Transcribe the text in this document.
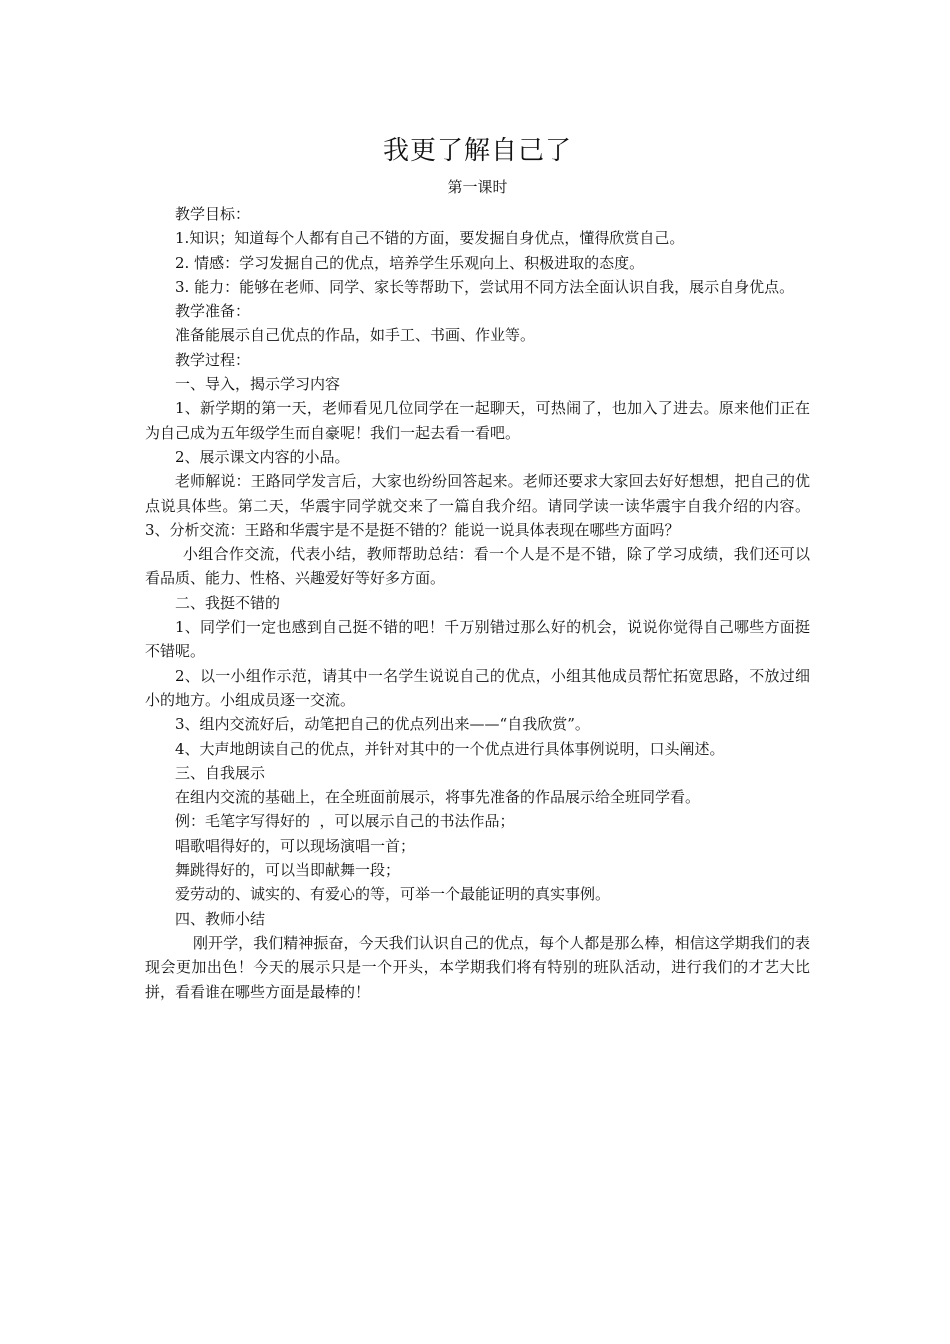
我更了解自己了

第一课时

教学目标：

1.知识；知道每个人都有自己不错的方面，要发掘自身优点，懂得欣赏自己。

2. 情感：学习发掘自己的优点，培养学生乐观向上、积极进取的态度。

3. 能力：能够在老师、同学、家长等帮助下，尝试用不同方法全面认识自我，展示自身优点。

教学准备：

准备能展示自己优点的作品，如手工、书画、作业等。

教学过程：

一、导入，揭示学习内容

1、新学期的第一天，老师看见几位同学在一起聊天，可热闹了，也加入了进去。原来他们正在为自己成为五年级学生而自豪呢！我们一起去看一看吧。

2、展示课文内容的小品。

老师解说：王路同学发言后，大家也纷纷回答起来。老师还要求大家回去好好想想，把自己的优点说具体些。第二天，华震宇同学就交来了一篇自我介绍。请同学读一读华震宇自我介绍的内容。        3、分析交流：王路和华震宇是不是挺不错的？能说一说具体表现在哪些方面吗？

小组合作交流，代表小结，教师帮助总结：看一个人是不是不错，除了学习成绩，我们还可以看品质、能力、性格、兴趣爱好等好多方面。

二、我挺不错的

1、同学们一定也感到自己挺不错的吧！千万别错过那么好的机会，说说你觉得自己哪些方面挺不错呢。

2、以一小组作示范，请其中一名学生说说自己的优点，小组其他成员帮忙拓宽思路，不放过细小的地方。小组成员逐一交流。

3、组内交流好后，动笔把自己的优点列出来——“自我欣赏”。

4、大声地朗读自己的优点，并针对其中的一个优点进行具体事例说明，口头阐述。

三、自我展示

在组内交流的基础上，在全班面前展示，将事先准备的作品展示给全班同学看。

例：毛笔字写得好的  ，可以展示自己的书法作品；

唱歌唱得好的，可以现场演唱一首；

舞跳得好的，可以当即献舞一段；

爱劳动的、诚实的、有爱心的等，可举一个最能证明的真实事例。

四、教师小结

刚开学，我们精神振奋，今天我们认识自己的优点，每个人都是那么棒，相信这学期我们的表现会更加出色！今天的展示只是一个开头，本学期我们将有特别的班队活动，进行我们的才艺大比拼，看看谁在哪些方面是最棒的！
